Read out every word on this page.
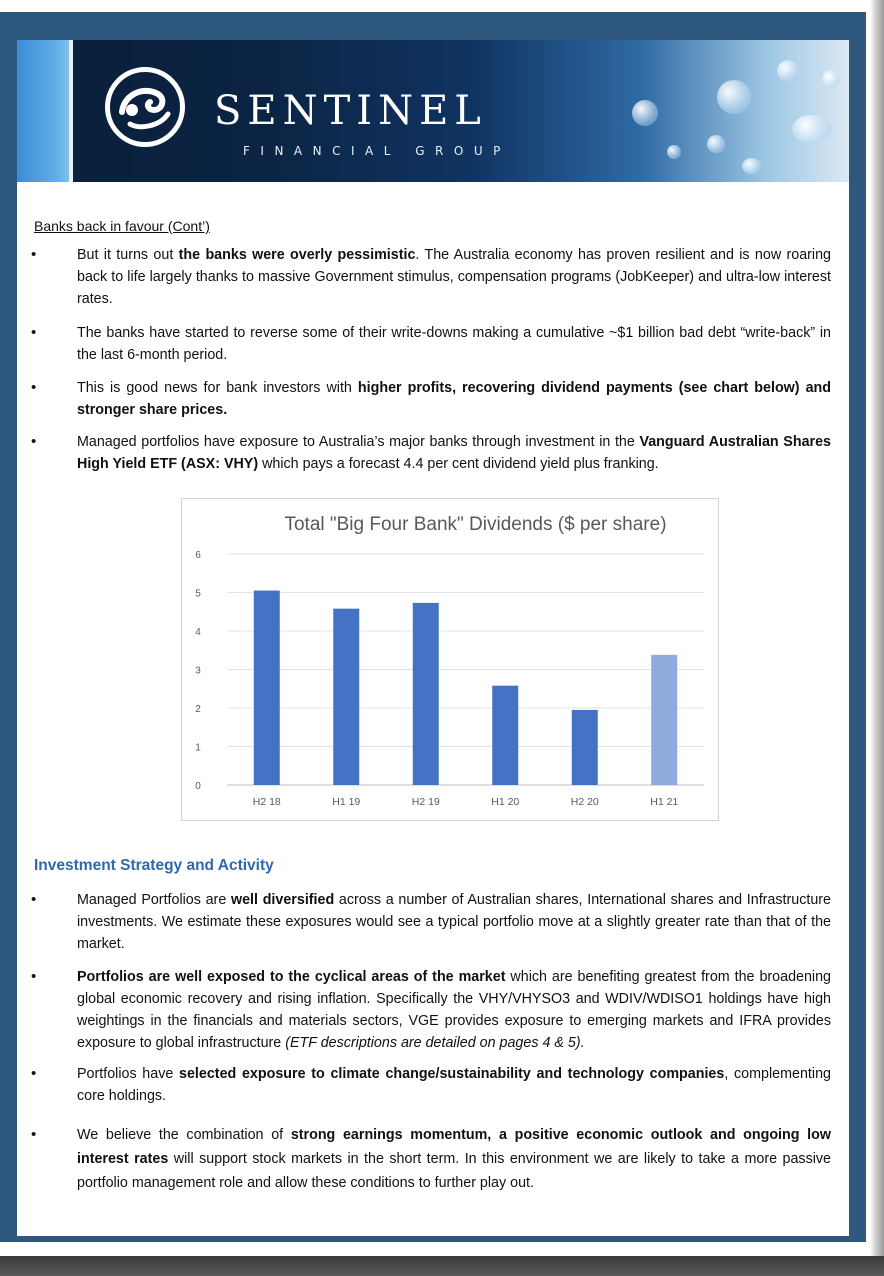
SENTINEL
FINANCIAL GROUP
Banks back in favour (Cont’)
•	But it turns out the banks were overly pessimistic. The Australia economy has proven resilient and is now roaring back to life largely thanks to massive Government stimulus, compensation programs (JobKeeper) and ultra-low interest rates.
•	The banks have started to reverse some of their write-downs making a cumulative ~$1 billion bad debt “write-back” in the last 6-month period.
•	This is good news for bank investors with higher profits, recovering dividend payments (see chart below) and stronger share prices.
•	Managed portfolios have exposure to Australia’s major banks through investment in the Vanguard Australian Shares High Yield ETF (ASX: VHY) which pays a forecast 4.4 per cent dividend yield plus franking.
Total "Big Four Bank" Dividends ($ per share)
0
1
2
3
4
5
6
H2 18	H1 19	H2 19	H1 20	H2 20	H1 21
Investment Strategy and Activity
•	Managed Portfolios are well diversified across a number of Australian shares, International shares and Infrastructure investments. We estimate these exposures would see a typical portfolio move at a slightly greater rate than that of the market.
•	Portfolios are well exposed to the cyclical areas of the market which are benefiting greatest from the broadening global economic recovery and rising inflation. Specifically the VHY/VHYSO3 and WDIV/WDISO1 holdings have high weightings in the financials and materials sectors, VGE provides exposure to emerging markets and IFRA provides exposure to global infrastructure (ETF descriptions are detailed on pages 4 & 5).
•	Portfolios have selected exposure to climate change/sustainability and technology companies, complementing core holdings.
•	We believe the combination of strong earnings momentum, a positive economic outlook and ongoing low interest rates will support stock markets in the short term. In this environment we are likely to take a more passive portfolio management role and allow these conditions to further play out.
